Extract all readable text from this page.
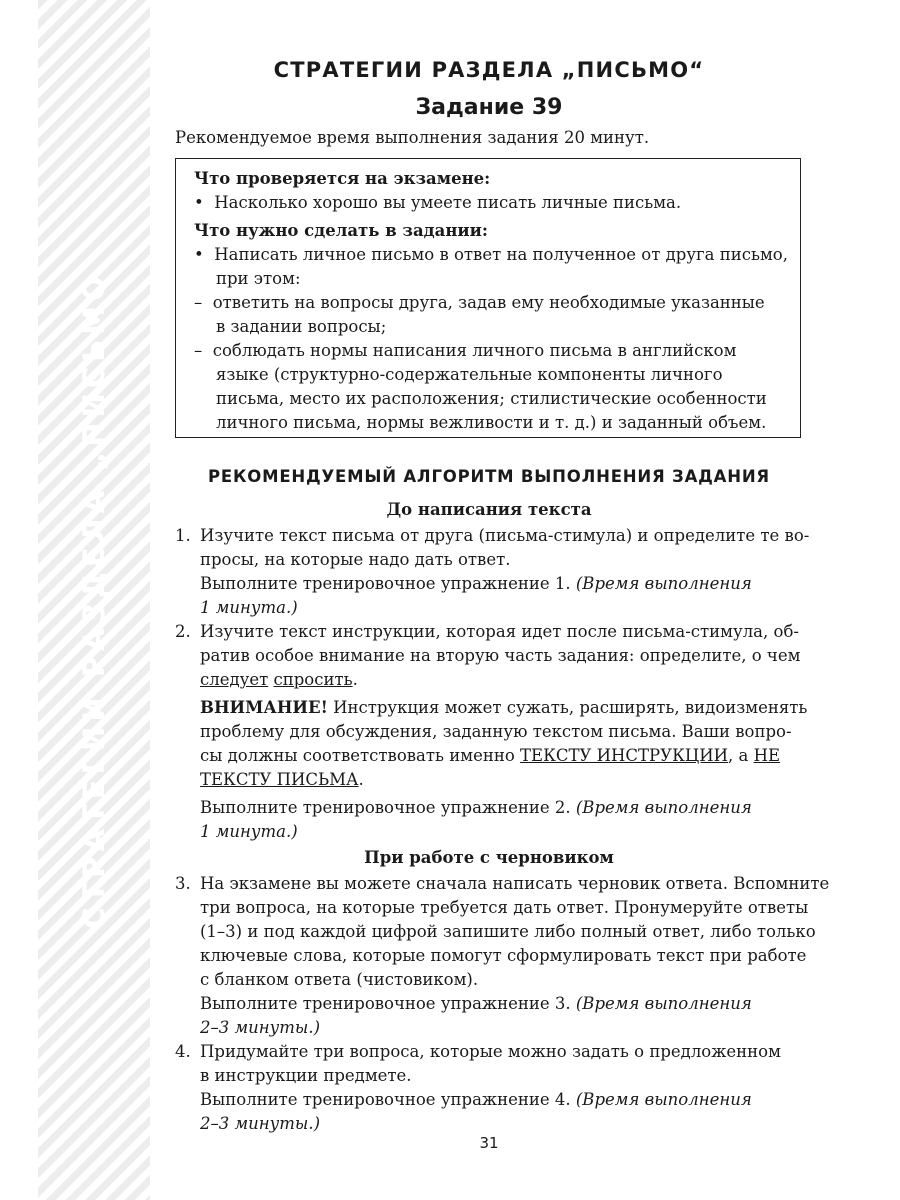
СТРАТЕГИИ РАЗДЕЛА „ПИСЬМО
СТРАТЕГИИ РАЗДЕЛА „ПИСЬМО“
Задание 39
Рекомендуемое время выполнения задания 20 минут.
Что проверяется на экзамене:
• Насколько хорошо вы умеете писать личные письма.
Что нужно сделать в задании:
• Написать личное письмо в ответ на полученное от друга письмо,
при этом:
– ответить на вопросы друга, задав ему необходимые указанные
в задании вопросы;
– соблюдать нормы написания личного письма в английском
языке (структурно-содержательные компоненты личного
письма, место их расположения; стилистические особенности
личного письма, нормы вежливости и т. д.) и заданный объем.
РЕКОМЕНДУЕМЫЙ АЛГОРИТМ ВЫПОЛНЕНИЯ ЗАДАНИЯ
До написания текста
1. Изучите текст письма от друга (письма-стимула) и определите те во-
просы, на которые надо дать ответ.
Выполните тренировочное упражнение 1. (Время выполнения
1 минута.)
2. Изучите текст инструкции, которая идет после письма-стимула, об-
ратив особое внимание на вторую часть задания: определите, о чем
следует спросить.
ВНИМАНИЕ! Инструкция может сужать, расширять, видоизменять
проблему для обсуждения, заданную текстом письма. Ваши вопро-
сы должны соответствовать именно ТЕКСТУ ИНСТРУКЦИИ, а НЕ
ТЕКСТУ ПИСЬМА.
Выполните тренировочное упражнение 2. (Время выполнения
1 минута.)
При работе с черновиком
3. На экзамене вы можете сначала написать черновик ответа. Вспомните
три вопроса, на которые требуется дать ответ. Пронумеруйте ответы
(1–3) и под каждой цифрой запишите либо полный ответ, либо только
ключевые слова, которые помогут сформулировать текст при работе
с бланком ответа (чистовиком).
Выполните тренировочное упражнение 3. (Время выполнения
2–3 минуты.)
4. Придумайте три вопроса, которые можно задать о предложенном
в инструкции предмете.
Выполните тренировочное упражнение 4. (Время выполнения
2–3 минуты.)
31
